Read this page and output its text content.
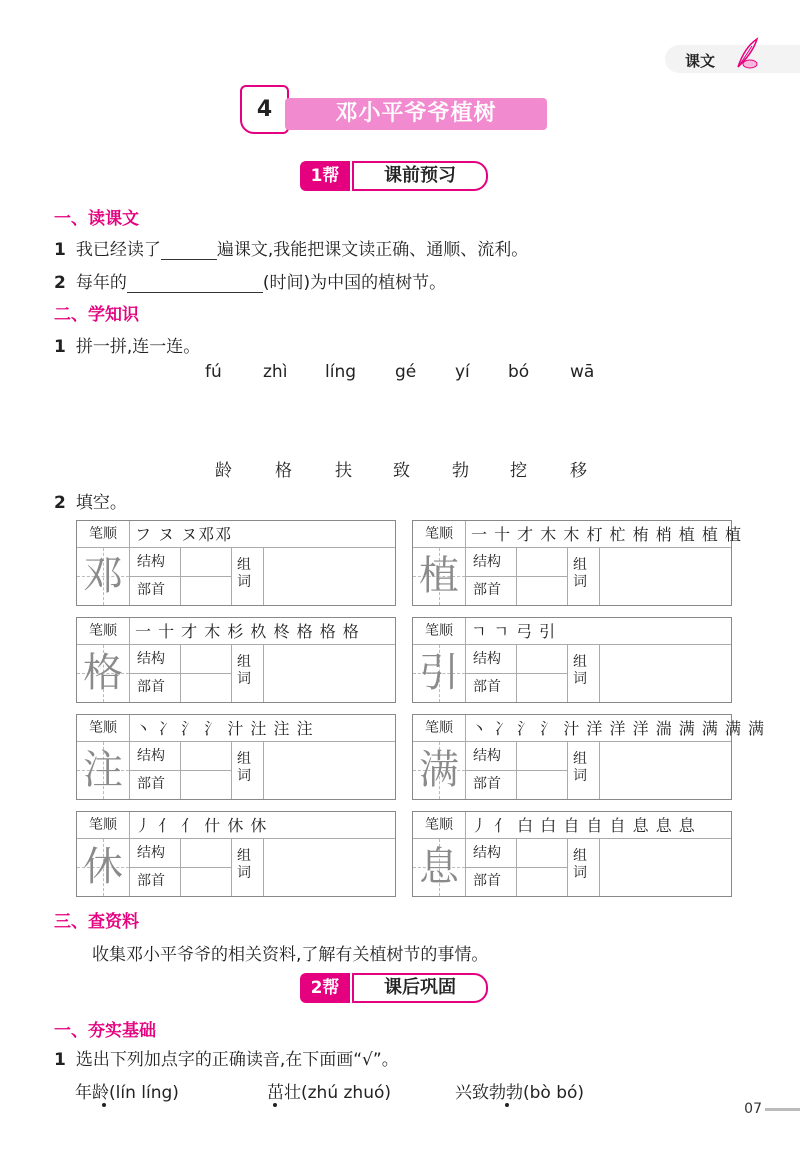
课文
4	邓小平爷爷植树
1帮	课前预习
一、读课文
1 我已经读了	遍课文,我能把课文读正确、通顺、流利。
2 每年的	(时间)为中国的植树节。
二、学知识
1 拼一拼,连一连。
fú zhì líng gé yí bó wā
龄	格	扶 致 勃 挖	移
2 填空。
笔顺	フ ヌ ヌ邓邓
邓	结构
部首
组
词
笔顺	一 十 才 木 木 朾 杧 栯 梢 植 植 植
植	结构
部首
组
词
笔顺	一 十 才 木 杉 杦 柊 格 格 格
格	结构
部首
组
词
笔顺	ㄱ ㄱ 弓 引
引	结构
部首
组
词
笔顺	丶 冫 氵 氵 汁 汢 注 注
注	结构
部首
组
词
笔顺	丶 冫 氵 氵 汁 洋 洋 洋 湍 满 满 满 满
满	结构
部首
组
词
笔顺	丿 亻 亻 什 休 休
休	结构
部首
组
词
笔顺	丿 亻 白 白 自 自 自 息 息 息
息	结构
部首
组
词
三、查资料
收集邓小平爷爷的相关资料,了解有关植树节的事情。
2帮	课后巩固
一、夯实基础
1 选出下列加点字的正确读音,在下面画“√”。
年龄(lín líng)	茁壮(zhú zhuó)	兴致勃勃(bò bó)
07
